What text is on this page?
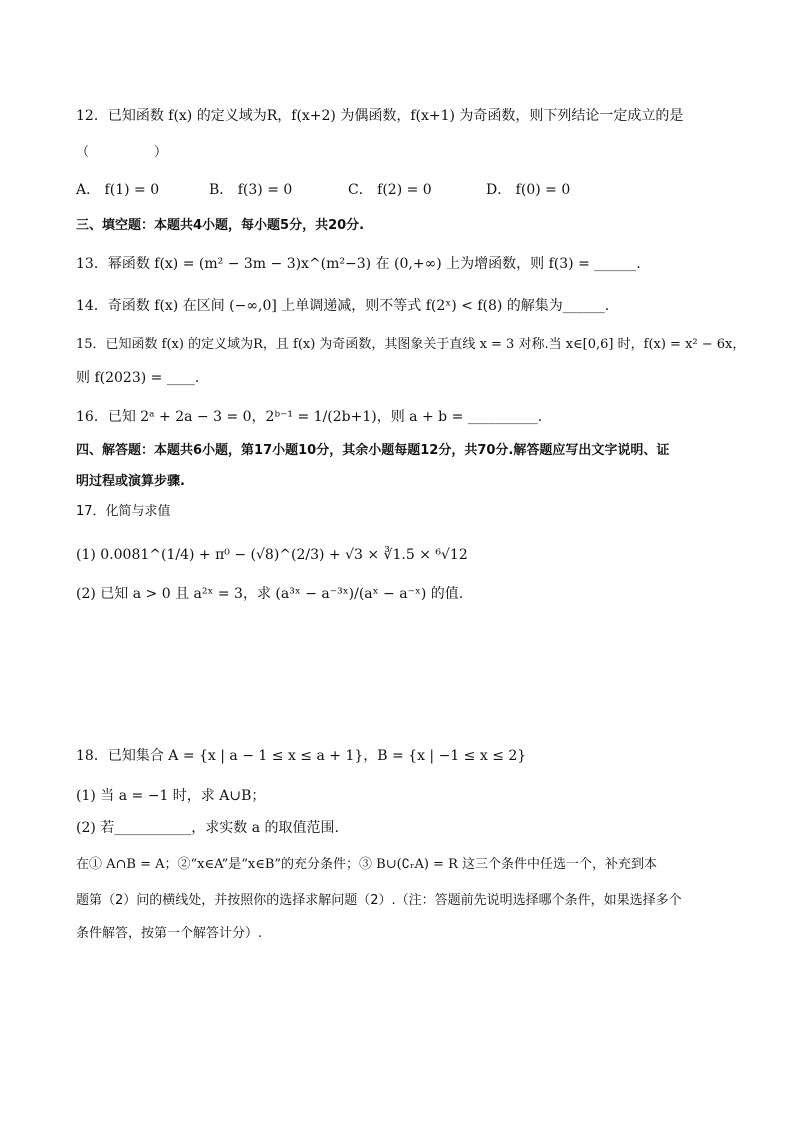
12．已知函数 f(x) 的定义域为R，f(x+2) 为偶函数，f(x+1) 为奇函数，则下列结论一定成立的是
（　　　　　）
A． f(1) = 0	B． f(3) = 0	C． f(2) = 0	D． f(0) = 0
三、填空题：本题共4小题，每小题5分，共20分.
13．幂函数 f(x) = (m² − 3m − 3)x^(m²−3) 在 (0,+∞) 上为增函数，则 f(3) = ______.
14．奇函数 f(x) 在区间 (−∞,0] 上单调递减，则不等式 f(2ˣ) < f(8) 的解集为______.
15．已知函数 f(x) 的定义域为R，且 f(x) 为奇函数，其图象关于直线 x = 3 对称.当 x∈[0,6] 时，f(x) = x² − 6x，
则 f(2023) = ____.
16．已知 2ᵃ + 2a − 3 = 0，2ᵇ⁻¹ = 1/(2b+1)，则 a + b = __________.
四、解答题：本题共6小题，第17小题10分，其余小题每题12分，共70分.解答题应写出文字说明、证
明过程或演算步骤.
17．化简与求值
(1) 0.0081^(1/4) + π⁰ − (√8)^(2/3) + √3 × ∛1.5 × ⁶√12
(2) 已知 a > 0 且 a²ˣ = 3，求 (a³ˣ − a⁻³ˣ)/(aˣ − a⁻ˣ) 的值.
18．已知集合 A = {x | a − 1 ≤ x ≤ a + 1}，B = {x | −1 ≤ x ≤ 2}
(1) 当 a = −1 时，求 A∪B；
(2) 若___________，求实数 a 的取值范围.
在① A∩B = A；②“x∈A”是“x∈B”的充分条件；③ B∪(∁ᵣA) = R 这三个条件中任选一个，补充到本
题第（2）问的横线处，并按照你的选择求解问题（2）.（注：答题前先说明选择哪个条件，如果选择多个
条件解答，按第一个解答计分）.
